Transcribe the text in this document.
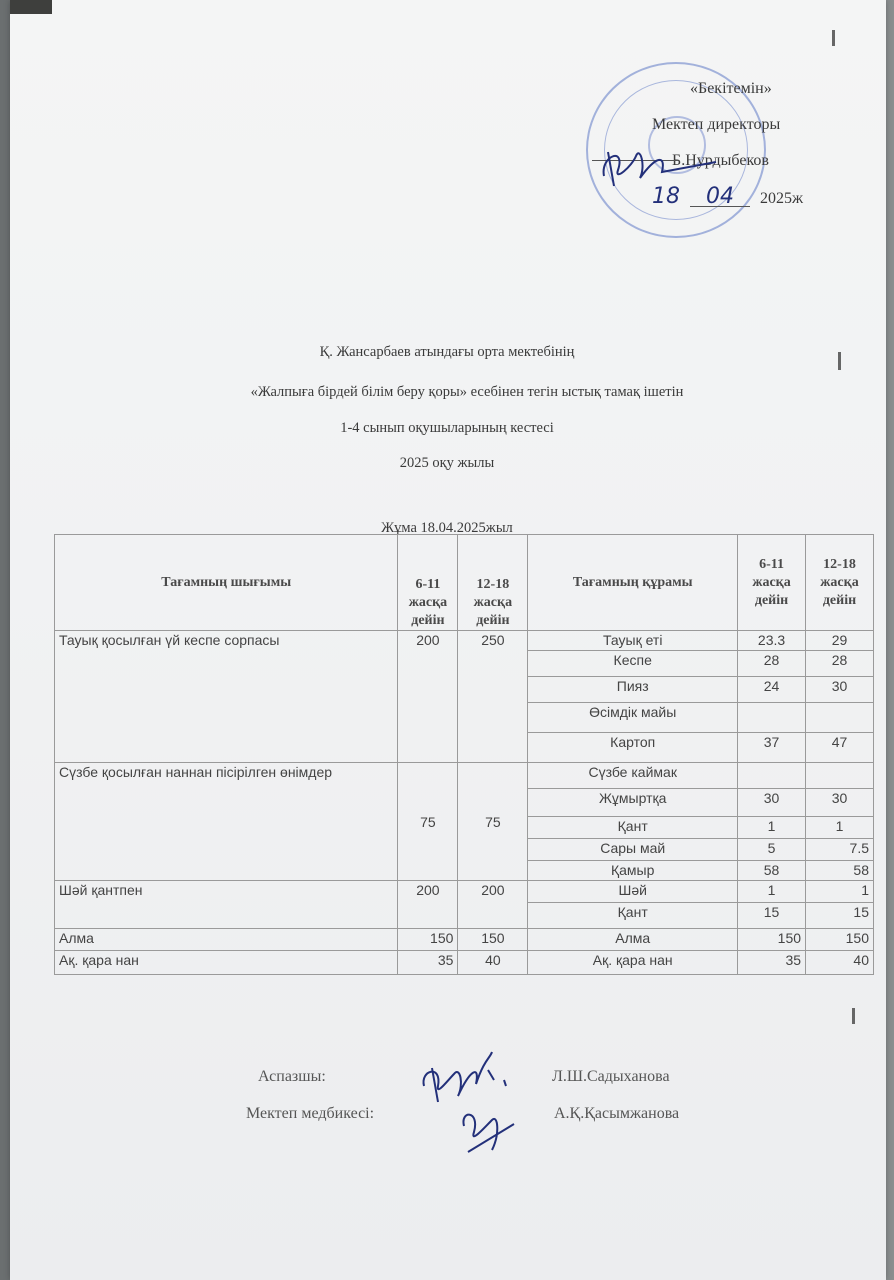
«Бекітемін»
Мектеп директоры
Б.Нурдыбеков
2025ж
18 04
Қ. Жансарбаев атындағы орта мектебінің
«Жалпыға бірдей білім беру қоры» есебінен тегін ыстық тамақ ішетін
1-4 сынып оқушыларының кестесі
2025 оқу жылы
Жұма 18.04.2025жыл
Тағамның шығымы	6-11 жасқа дейін	12-18 жасқа дейін	Тағамның құрамы	6-11 жасқа дейін	12-18 жасқа дейін
Тауық қосылған үй кеспе сорпасы	200	250	Тауық еті	23.3	29
			Кеспе	28	28
			Пияз	24	30
			Өсімдік майы		
			Картоп	37	47
Сүзбе қосылған наннан пісірілген өнімдер	75	75	Сүзбе каймак		
			Жұмыртқа	30	30
			Қант	1	1
			Сары май	5	7.5
			Қамыр	58	58
Шәй қантпен	200	200	Шәй	1	1
			Қант	15	15
Алма	150	150	Алма	150	150
Ақ. қара нан	35	40	Ақ. қара нан	35	40
Аспазшы:	Л.Ш.Садыханова
Мектеп медбикесі:	А.Қ.Қасымжанова
